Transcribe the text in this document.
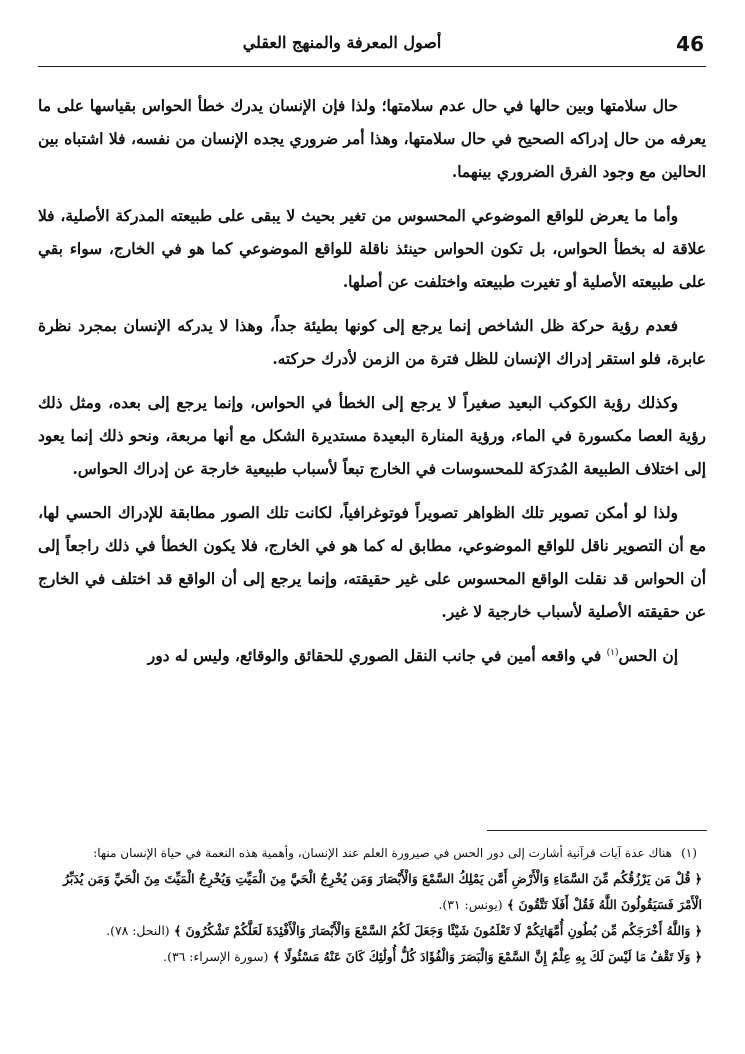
46
أصول المعرفة والمنهج العقلي

حال سلامتها وبين حالها في حال عدم سلامتها؛ ولذا فإن الإنسان يدرك خطأ الحواس بقياسها على ما يعرفه من حال إدراكه الصحيح في حال سلامتها، وهذا أمر ضروري يجده الإنسان من نفسه، فلا اشتباه بين الحالين مع وجود الفرق الضروري بينهما.

وأما ما يعرض للواقع الموضوعي المحسوس من تغير بحيث لا يبقى على طبيعته المدركة الأصلية، فلا علاقة له بخطأ الحواس، بل تكون الحواس حينئذ ناقلة للواقع الموضوعي كما هو في الخارج، سواء بقي على طبيعته الأصلية أو تغيرت طبيعته واختلفت عن أصلها.

فعدم رؤية حركة ظل الشاخص إنما يرجع إلى كونها بطيئة جداً، وهذا لا يدركه الإنسان بمجرد نظرة عابرة، فلو استقر إدراك الإنسان للظل فترة من الزمن لأدرك حركته.

وكذلك رؤية الكوكب البعيد صغيراً لا يرجع إلى الخطأ في الحواس، وإنما يرجع إلى بعده، ومثل ذلك رؤية العصا مكسورة في الماء، ورؤية المنارة البعيدة مستديرة الشكل مع أنها مربعة، ونحو ذلك إنما يعود إلى اختلاف الطبيعة المُدرَكة للمحسوسات في الخارج تبعاً لأسباب طبيعية خارجة عن إدراك الحواس.

ولذا لو أمكن تصوير تلك الظواهر تصويراً فوتوغرافياً، لكانت تلك الصور مطابقة للإدراك الحسي لها، مع أن التصوير ناقل للواقع الموضوعي، مطابق له كما هو في الخارج، فلا يكون الخطأ في ذلك راجعاً إلى أن الحواس قد نقلت الواقع المحسوس على غير حقيقته، وإنما يرجع إلى أن الواقع قد اختلف في الخارج عن حقيقته الأصلية لأسباب خارجية لا غير.

إن الحس$^{(١)}$ في واقعه أمين في جانب النقل الصوري للحقائق والوقائع، وليس له دور

(١)هناك عدة آيات قرآنية أشارت إلى دور الحس في صيرورة العلم عند الإنسان، وأهمية هذه النعمة في حياة الإنسان منها:

﴿ قُلْ مَن يَرْزُقُكُم مِّنَ السَّمَاءِ وَالْأَرْضِ أَمَّن يَمْلِكُ السَّمْعَ وَالْأَبْصَارَ وَمَن يُخْرِجُ الْحَيَّ مِنَ الْمَيِّتِ وَيُخْرِجُ الْمَيِّتَ مِنَ الْحَيِّ وَمَن يُدَبِّرُ الْأَمْرَ فَسَيَقُولُونَ اللَّهُ فَقُلْ أَفَلَا تَتَّقُونَ ﴾ (يونس: ٣١).

﴿ وَاللَّهُ أَخْرَجَكُم مِّن بُطُونِ أُمَّهَاتِكُمْ لَا تَعْلَمُونَ شَيْئًا وَجَعَلَ لَكُمُ السَّمْعَ وَالْأَبْصَارَ وَالْأَفْئِدَةَ لَعَلَّكُمْ تَشْكُرُونَ ﴾ (النحل: ٧٨).

﴿ وَلَا تَقْفُ مَا لَيْسَ لَكَ بِهِ عِلْمٌ إِنَّ السَّمْعَ وَالْبَصَرَ وَالْفُؤَادَ كُلُّ أُولَٰئِكَ كَانَ عَنْهُ مَسْئُولًا ﴾ (سورة الإسراء: ٣٦).
